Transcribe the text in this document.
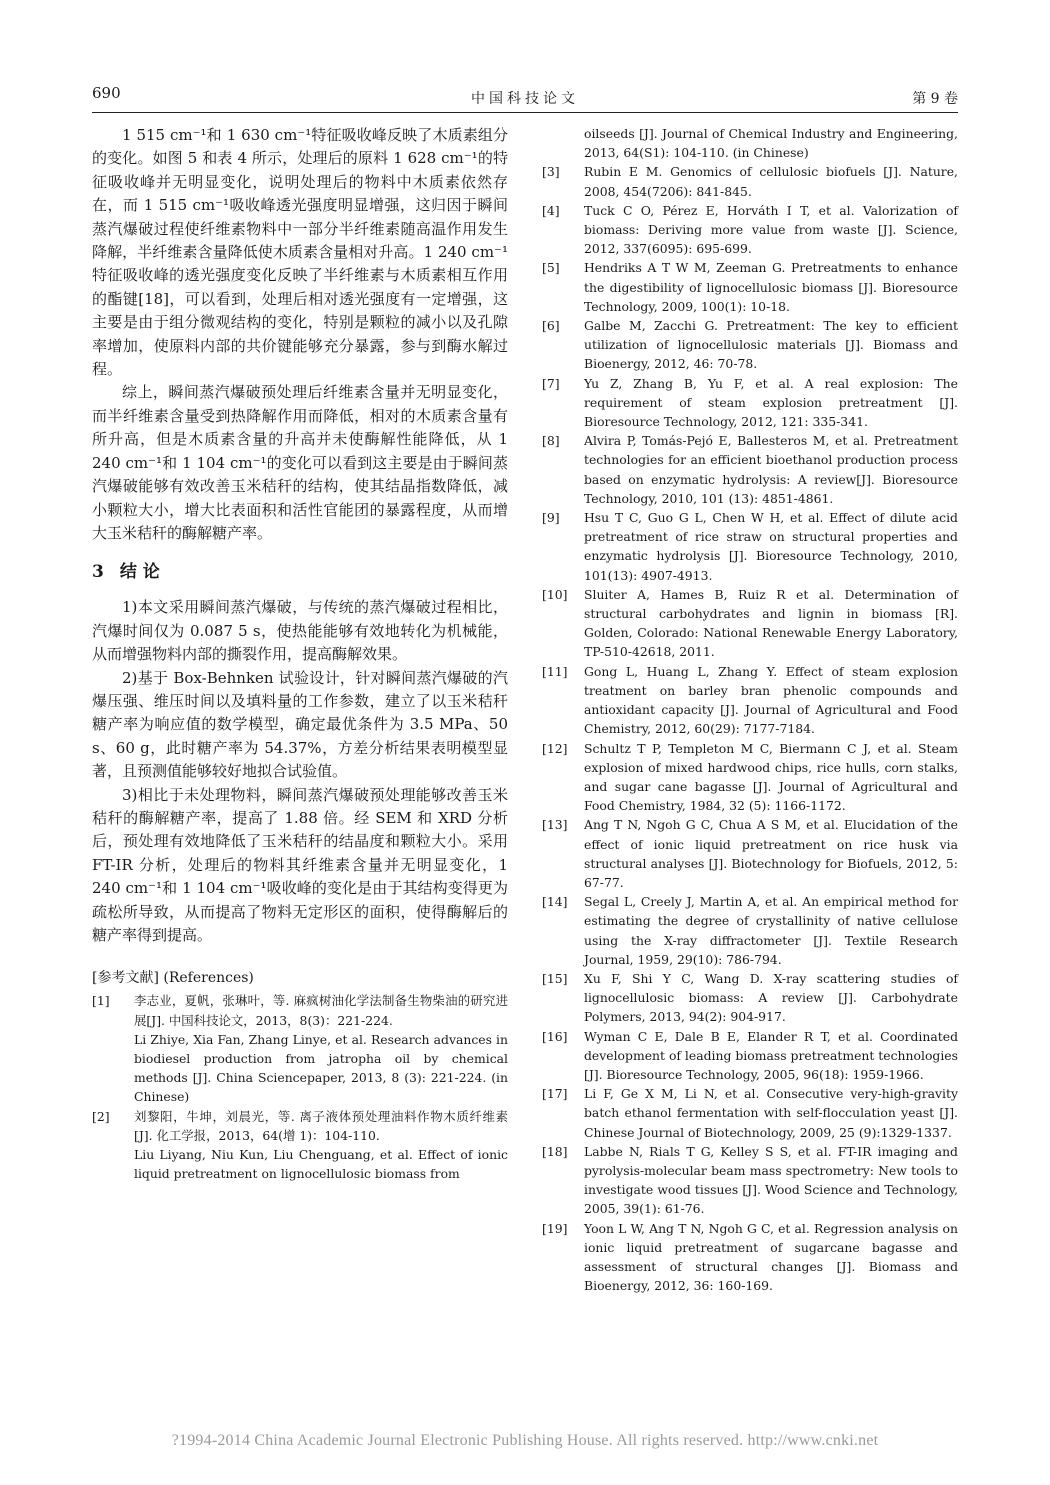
690	中国科技论文	第 9 卷

1 515 cm⁻¹和 1 630 cm⁻¹特征吸收峰反映了木质素组分的变化。如图 5 和表 4 所示，处理后的原料 1 628 cm⁻¹的特征吸收峰并无明显变化，说明处理后的物料中木质素依然存在，而 1 515 cm⁻¹吸收峰透光强度明显增强，这归因于瞬间蒸汽爆破过程使纤维素物料中一部分半纤维素随高温作用发生降解，半纤维素含量降低使木质素含量相对升高。1 240 cm⁻¹特征吸收峰的透光强度变化反映了半纤维素与木质素相互作用的酯键[18]，可以看到，处理后相对透光强度有一定增强，这主要是由于组分微观结构的变化，特别是颗粒的减小以及孔隙率增加，使原料内部的共价键能够充分暴露，参与到酶水解过程。

综上，瞬间蒸汽爆破预处理后纤维素含量并无明显变化，而半纤维素含量受到热降解作用而降低，相对的木质素含量有所升高，但是木质素含量的升高并未使酶解性能降低，从 1 240 cm⁻¹和 1 104 cm⁻¹的变化可以看到这主要是由于瞬间蒸汽爆破能够有效改善玉米秸秆的结构，使其结晶指数降低，减小颗粒大小，增大比表面积和活性官能团的暴露程度，从而增大玉米秸秆的酶解糖产率。

3 结 论

1)本文采用瞬间蒸汽爆破，与传统的蒸汽爆破过程相比，汽爆时间仅为 0.087 5 s，使热能能够有效地转化为机械能，从而增强物料内部的撕裂作用，提高酶解效果。

2)基于 Box-Behnken 试验设计，针对瞬间蒸汽爆破的汽爆压强、维压时间以及填料量的工作参数，建立了以玉米秸秆糖产率为响应值的数学模型，确定最优条件为 3.5 MPa、50 s、60 g，此时糖产率为 54.37%，方差分析结果表明模型显著，且预测值能够较好地拟合试验值。

3)相比于未处理物料，瞬间蒸汽爆破预处理能够改善玉米秸秆的酶解糖产率，提高了 1.88 倍。经 SEM 和 XRD 分析后，预处理有效地降低了玉米秸秆的结晶度和颗粒大小。采用 FT-IR 分析，处理后的物料其纤维素含量并无明显变化，1 240 cm⁻¹和 1 104 cm⁻¹吸收峰的变化是由于其结构变得更为疏松所导致，从而提高了物料无定形区的面积，使得酶解后的糖产率得到提高。

[参考文献] (References)

[1] 李志业，夏帆，张琳叶，等. 麻疯树油化学法制备生物柴油的研究进展[J]. 中国科技论文，2013，8(3)：221-224.
Li Zhiye, Xia Fan, Zhang Linye, et al. Research advances in biodiesel production from jatropha oil by chemical methods [J]. China Sciencepaper, 2013, 8 (3): 221-224. (in Chinese)

[2] 刘黎阳，牛坤，刘晨光，等. 离子液体预处理油料作物木质纤维素 [J]. 化工学报，2013，64(增 1)：104-110.
Liu Liyang, Niu Kun, Liu Chenguang, et al. Effect of ionic liquid pretreatment on lignocellulosic biomass from

oilseeds [J]. Journal of Chemical Industry and Engineering, 2013, 64(S1): 104-110. (in Chinese)

[3] Rubin E M. Genomics of cellulosic biofuels [J]. Nature, 2008, 454(7206): 841-845.

[4] Tuck C O, Pérez E, Horváth I T, et al. Valorization of biomass: Deriving more value from waste [J]. Science, 2012, 337(6095): 695-699.

[5] Hendriks A T W M, Zeeman G. Pretreatments to enhance the digestibility of lignocellulosic biomass [J]. Bioresource Technology, 2009, 100(1): 10-18.

[6] Galbe M, Zacchi G. Pretreatment: The key to efficient utilization of lignocellulosic materials [J]. Biomass and Bioenergy, 2012, 46: 70-78.

[7] Yu Z, Zhang B, Yu F, et al. A real explosion: The requirement of steam explosion pretreatment [J]. Bioresource Technology, 2012, 121: 335-341.

[8] Alvira P, Tomás-Pejó E, Ballesteros M, et al. Pretreatment technologies for an efficient bioethanol production process based on enzymatic hydrolysis: A review[J]. Bioresource Technology, 2010, 101 (13): 4851-4861.

[9] Hsu T C, Guo G L, Chen W H, et al. Effect of dilute acid pretreatment of rice straw on structural properties and enzymatic hydrolysis [J]. Bioresource Technology, 2010, 101(13): 4907-4913.

[10] Sluiter A, Hames B, Ruiz R et al. Determination of structural carbohydrates and lignin in biomass [R]. Golden, Colorado: National Renewable Energy Laboratory, TP-510-42618, 2011.

[11] Gong L, Huang L, Zhang Y. Effect of steam explosion treatment on barley bran phenolic compounds and antioxidant capacity [J]. Journal of Agricultural and Food Chemistry, 2012, 60(29): 7177-7184.

[12] Schultz T P, Templeton M C, Biermann C J, et al. Steam explosion of mixed hardwood chips, rice hulls, corn stalks, and sugar cane bagasse [J]. Journal of Agricultural and Food Chemistry, 1984, 32 (5): 1166-1172.

[13] Ang T N, Ngoh G C, Chua A S M, et al. Elucidation of the effect of ionic liquid pretreatment on rice husk via structural analyses [J]. Biotechnology for Biofuels, 2012, 5: 67-77.

[14] Segal L, Creely J, Martin A, et al. An empirical method for estimating the degree of crystallinity of native cellulose using the X-ray diffractometer [J]. Textile Research Journal, 1959, 29(10): 786-794.

[15] Xu F, Shi Y C, Wang D. X-ray scattering studies of lignocellulosic biomass: A review [J]. Carbohydrate Polymers, 2013, 94(2): 904-917.

[16] Wyman C E, Dale B E, Elander R T, et al. Coordinated development of leading biomass pretreatment technologies [J]. Bioresource Technology, 2005, 96(18): 1959-1966.

[17] Li F, Ge X M, Li N, et al. Consecutive very-high-gravity batch ethanol fermentation with self-flocculation yeast [J]. Chinese Journal of Biotechnology, 2009, 25 (9):1329-1337.

[18] Labbe N, Rials T G, Kelley S S, et al. FT-IR imaging and pyrolysis-molecular beam mass spectrometry: New tools to investigate wood tissues [J]. Wood Science and Technology, 2005, 39(1): 61-76.

[19] Yoon L W, Ang T N, Ngoh G C, et al. Regression analysis on ionic liquid pretreatment of sugarcane bagasse and assessment of structural changes [J]. Biomass and Bioenergy, 2012, 36: 160-169.

?1994-2014 China Academic Journal Electronic Publishing House. All rights reserved. http://www.cnki.net
